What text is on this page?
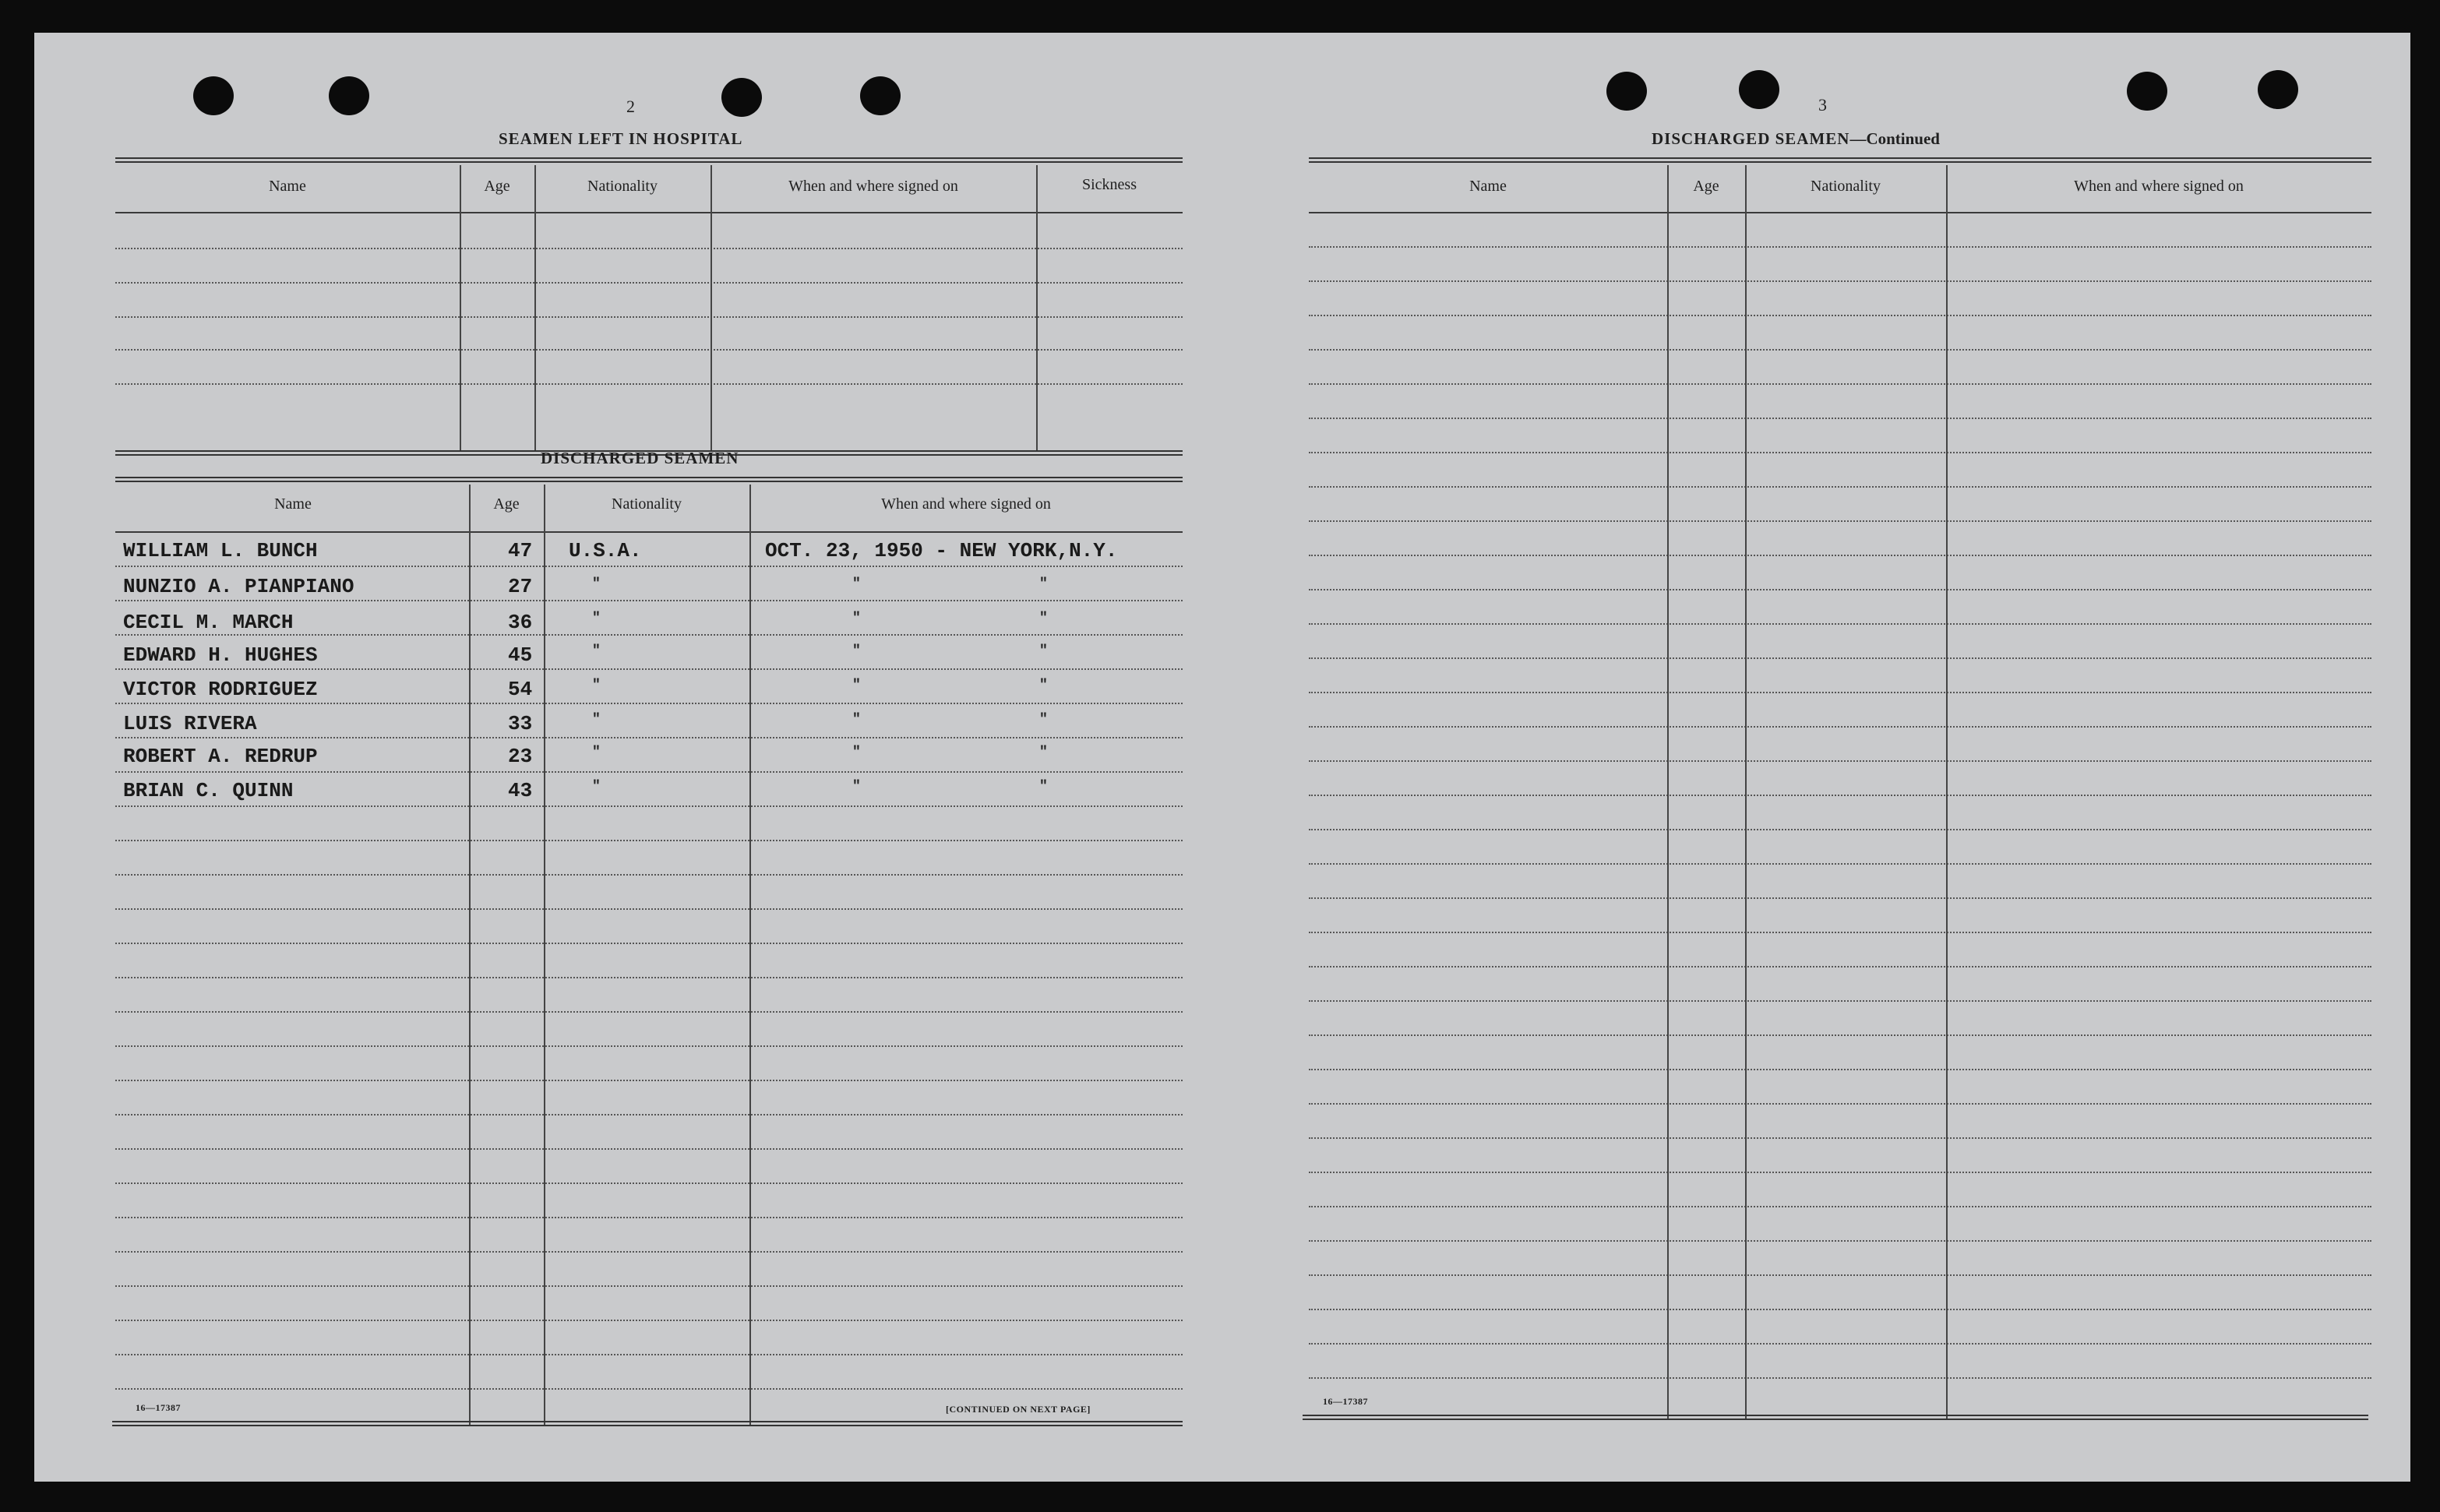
2
SEAMEN LEFT IN HOSPITAL
Name	Age	Nationality	When and where signed on	Sickness
DISCHARGED SEAMEN
Name	Age	Nationality	When and where signed on
WILLIAM L. BUNCH	47 U.S.A.	OCT. 23, 1950 - NEW YORK,N.Y.
NUNZIO A. PIANPIANO	27	"	"	"
CECIL M. MARCH	36	"	"	"
EDWARD H. HUGHES	45	"	"	"
VICTOR RODRIGUEZ	54	"	"	"
LUIS RIVERA	33	"	"	"
ROBERT A. REDRUP	23	"	"	"
BRIAN C. QUINN	43	"	"	"
16—17387	[CONTINUED ON NEXT PAGE]
3
DISCHARGED SEAMEN—Continued
Name	Age	Nationality	When and where signed on
16—17387
